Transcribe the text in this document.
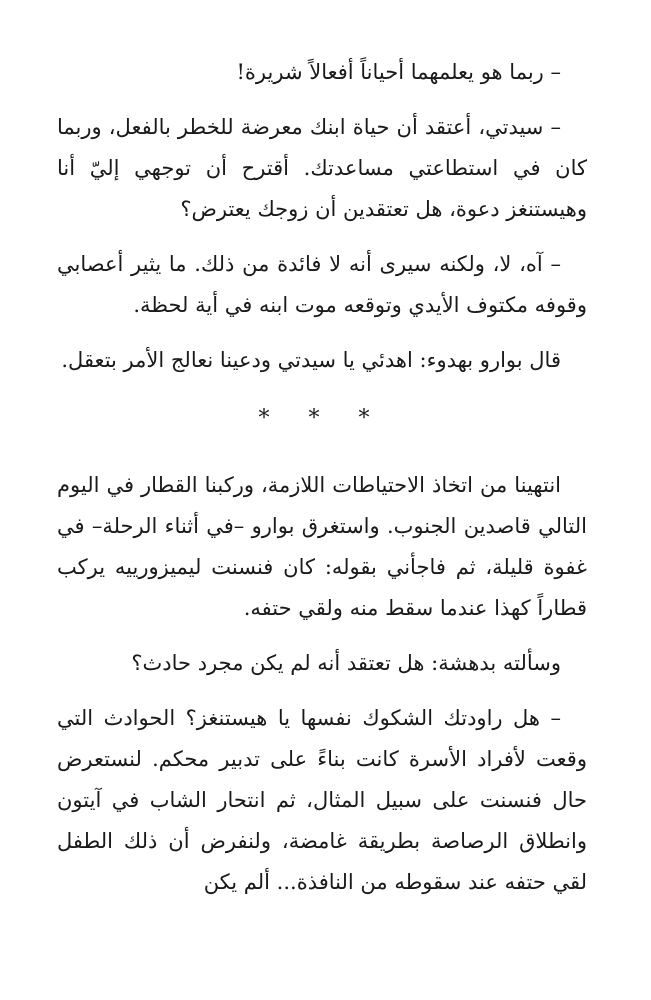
– ربما هو يعلمهما أحياناً أفعالاً شريرة!

– سيدتي، أعتقد أن حياة ابنك معرضة للخطر بالفعل، وربما كان في استطاعتي مساعدتك. أقترح أن توجهي إليّ أنا وهيستنغز دعوة، هل تعتقدين أن زوجك يعترض؟

– آه، لا، ولكنه سيرى أنه لا فائدة من ذلك. ما يثير أعصابي وقوفه مكتوف الأيدي وتوقعه موت ابنه في أية لحظة.

قال بوارو بهدوء: اهدئي يا سيدتي ودعينا نعالج الأمر بتعقل.

* * *

انتهينا من اتخاذ الاحتياطات اللازمة، وركبنا القطار في اليوم التالي قاصدين الجنوب. واستغرق بوارو –في أثناء الرحلة– في غفوة قليلة، ثم فاجأني بقوله: كان فنسنت ليميزورييه يركب قطاراً كهذا عندما سقط منه ولقي حتفه.

وسألته بدهشة: هل تعتقد أنه لم يكن مجرد حادث؟

– هل راودتك الشكوك نفسها يا هيستنغز؟ الحوادث التي وقعت لأفراد الأسرة كانت بناءً على تدبير محكم. لنستعرض حال فنسنت على سبيل المثال، ثم انتحار الشاب في آيتون وانطلاق الرصاصة بطريقة غامضة، ولنفرض أن ذلك الطفل لقي حتفه عند سقوطه من النافذة... ألم يكن
